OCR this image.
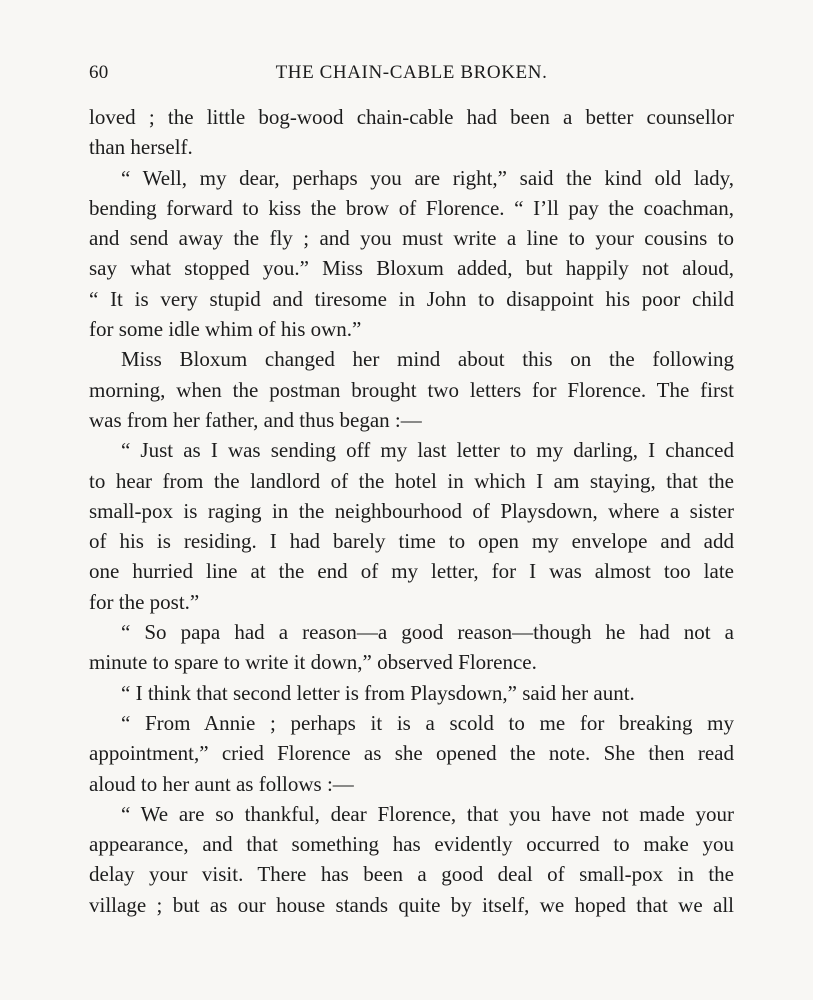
60	THE CHAIN-CABLE BROKEN.
loved ; the little bog-wood chain-cable had been a better counsellor
than herself.
“ Well, my dear, perhaps you are right,” said the kind old lady,
bending forward to kiss the brow of Florence. “ I’ll pay the coachman,
and send away the fly ; and you must write a line to your cousins to
say what stopped you.” Miss Bloxum added, but happily not aloud,
“ It is very stupid and tiresome in John to disappoint his poor child
for some idle whim of his own.”
Miss Bloxum changed her mind about this on the following
morning, when the postman brought two letters for Florence. The first
was from her father, and thus began :—
“ Just as I was sending off my last letter to my darling, I chanced
to hear from the landlord of the hotel in which I am staying, that the
small-pox is raging in the neighbourhood of Playsdown, where a sister
of his is residing. I had barely time to open my envelope and add
one hurried line at the end of my letter, for I was almost too late
for the post.”
“ So papa had a reason—a good reason—though he had not a
minute to spare to write it down,” observed Florence.
“ I think that second letter is from Playsdown,” said her aunt.
“ From Annie ; perhaps it is a scold to me for breaking my
appointment,” cried Florence as she opened the note. She then read
aloud to her aunt as follows :—
“ We are so thankful, dear Florence, that you have not made your
appearance, and that something has evidently occurred to make you
delay your visit. There has been a good deal of small-pox in the
village ; but as our house stands quite by itself, we hoped that we all
